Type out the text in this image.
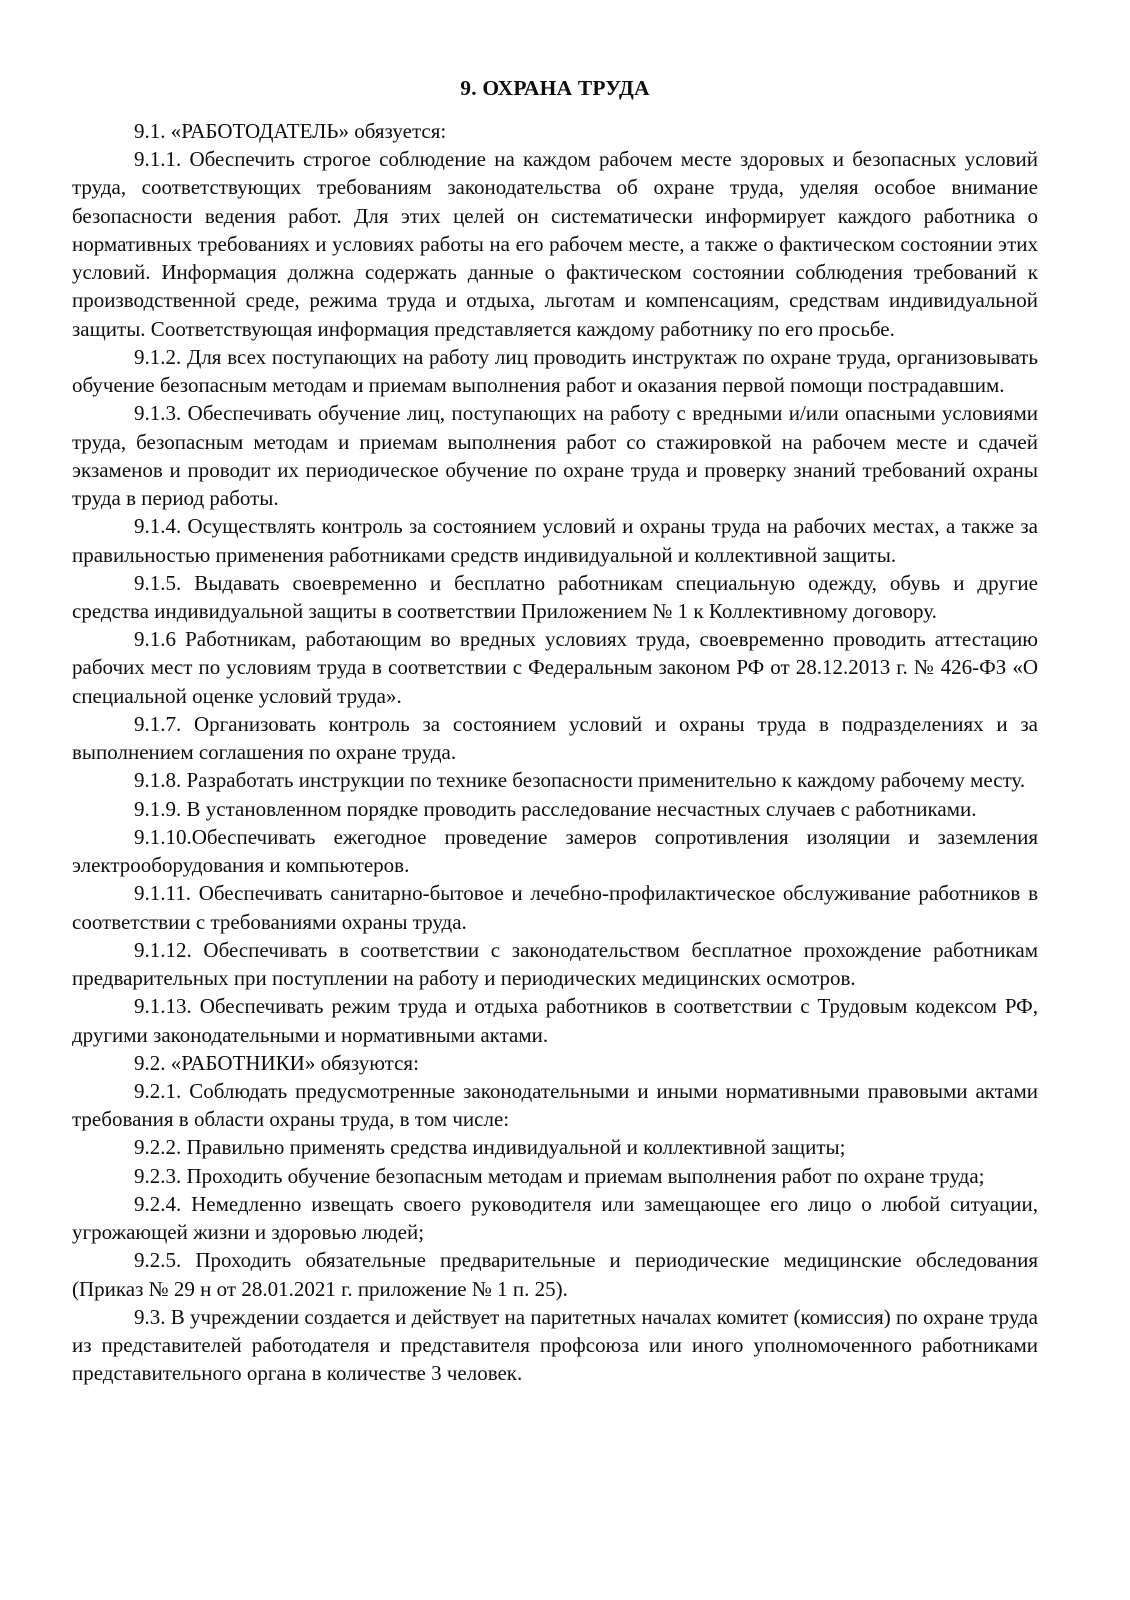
9. ОХРАНА ТРУДА

9.1. «РАБОТОДАТЕЛЬ» обязуется:

9.1.1. Обеспечить строгое соблюдение на каждом рабочем месте здоровых и безопасных условий труда, соответствующих требованиям законодательства об охране труда, уделяя особое внимание безопасности ведения работ. Для этих целей он систематически информирует каждого работника о нормативных требованиях и условиях работы на его рабочем месте, а также о фактическом состоянии этих условий. Информация должна содержать данные о фактическом состоянии соблюдения требований к производственной среде, режима труда и отдыха, льготам и компенсациям, средствам индивидуальной защиты. Соответствующая информация представляется каждому работнику по его просьбе.

9.1.2. Для всех поступающих на работу лиц проводить инструктаж по охране труда, организовывать обучение безопасным методам и приемам выполнения работ и оказания первой помощи пострадавшим.

9.1.3. Обеспечивать обучение лиц, поступающих на работу с вредными и/или опасными условиями труда, безопасным методам и приемам выполнения работ со стажировкой на рабочем месте и сдачей экзаменов и проводит их периодическое обучение по охране труда и проверку знаний требований охраны труда в период работы.

9.1.4. Осуществлять контроль за состоянием условий и охраны труда на рабочих местах, а также за правильностью применения работниками средств индивидуальной и коллективной защиты.

9.1.5. Выдавать своевременно и бесплатно работникам специальную одежду, обувь и другие средства индивидуальной защиты в соответствии Приложением № 1 к Коллективному договору.

9.1.6 Работникам, работающим во вредных условиях труда, своевременно проводить аттестацию рабочих мест по условиям труда в соответствии с Федеральным законом РФ от 28.12.2013 г. № 426-ФЗ «О специальной оценке условий труда».

9.1.7. Организовать контроль за состоянием условий и охраны труда в подразделениях и за выполнением соглашения по охране труда.

9.1.8. Разработать инструкции по технике безопасности применительно к каждому рабочему месту.

9.1.9. В установленном порядке проводить расследование несчастных случаев с работниками.

9.1.10.Обеспечивать ежегодное проведение замеров сопротивления изоляции и заземления электрооборудования и компьютеров.

9.1.11. Обеспечивать санитарно-бытовое и лечебно-профилактическое обслуживание работников в соответствии с требованиями охраны труда.

9.1.12. Обеспечивать в соответствии с законодательством бесплатное прохождение работникам предварительных при поступлении на работу и периодических медицинских осмотров.

9.1.13. Обеспечивать режим труда и отдыха работников в соответствии с Трудовым кодексом РФ, другими законодательными и нормативными актами.

9.2. «РАБОТНИКИ» обязуются:

9.2.1. Соблюдать предусмотренные законодательными и иными нормативными правовыми актами требования в области охраны труда, в том числе:

9.2.2. Правильно применять средства индивидуальной и коллективной защиты;

9.2.3. Проходить обучение безопасным методам и приемам выполнения работ по охране труда;

9.2.4. Немедленно извещать своего руководителя или замещающее его лицо о любой ситуации, угрожающей жизни и здоровью людей;

9.2.5. Проходить обязательные предварительные и периодические медицинские обследования (Приказ № 29 н от 28.01.2021 г. приложение № 1 п. 25).

9.3. В учреждении создается и действует на паритетных началах комитет (комиссия) по охране труда из представителей работодателя и представителя профсоюза или иного уполномоченного работниками представительного органа в количестве 3 человек.
